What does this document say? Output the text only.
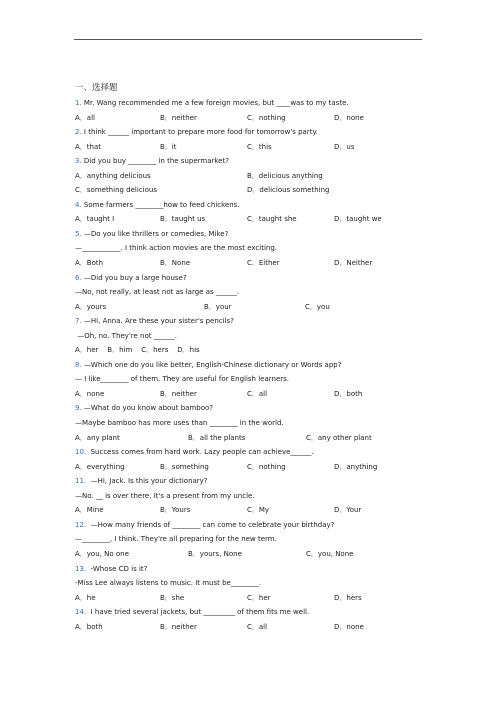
一、选择题
1. Mr. Wang recommended me a few foreign movies, but ____was to my taste.
A．all	B．neither	C．nothing	D．none
2. I think ______ important to prepare more food for tomorrow's party.
A．that	B．it	C．this	D．us
3. Did you buy ________ in the supermarket?
A．anything delicious	B．delicious anything
C．something delicious	D．delicious something
4. Some farmers ________how to feed chickens.
A．taught I	B．taught us	C．taught she	D．taught we
5. —Do you like thrillers or comedies, Mike?
—___________. I think action movies are the most exciting.
A．Both	B．None	C．Either	D．Neither
6. —Did you buy a large house?
—No, not really, at least not as large as ______.
A．yours	B．your	C．you
7. —Hi, Anna. Are these your sister's pencils?
—Oh, no. They're not ______.
A．her    B．him    C．hers    D．his
8. —Which one do you like better, English-Chinese dictionary or Words app?
— I like________ of them. They are useful for English learners.
A．none	B．neither	C．all	D．both
9. —What do you know about bamboo?
—Maybe bamboo has more uses than ________ in the world.
A．any plant	B．all the plants	C．any other plant
10.  Success comes from hard work. Lazy people can achieve______.
A．everything	B．something	C．nothing	D．anything
11.  —Hi, Jack. Is this your dictionary?
—No. __ is over there. It's a present from my uncle.
A．Mine	B．Yours	C．My	D．Your
12.  —How many friends of ________ can come to celebrate your birthday?
—________, I think. They're all preparing for the new term.
A．you, No one	B．yours, None	C．you, None
13.  -Whose CD is it?
-Miss Lee always listens to music. It must be________.
A．he	B．she	C．her	D．hers
14.  I have tried several jackets, but _________ of them fits me well.
A．both	B．neither	C．all	D．none
